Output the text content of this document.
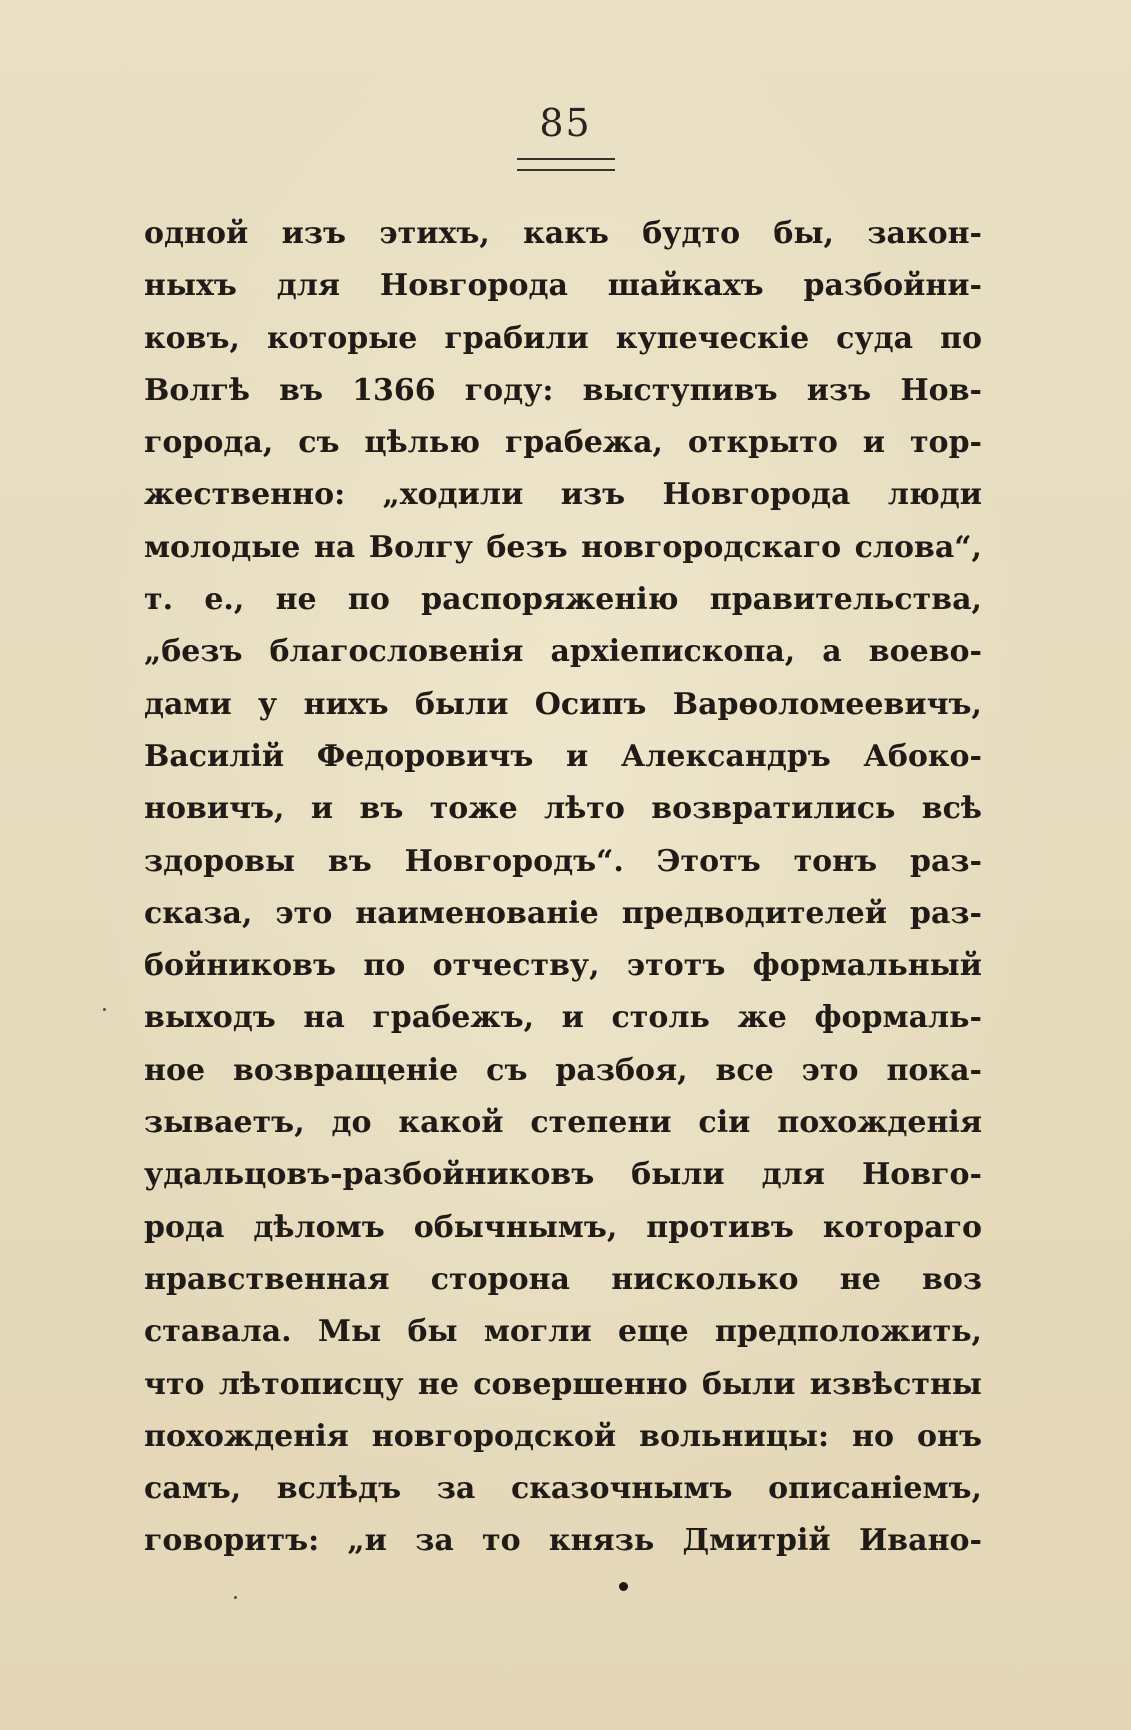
85
одной изъ этихъ, какъ будто бы, закон-
ныхъ для Новгорода шайкахъ разбойни-
ковъ, которые грабили купеческiе суда по
Волгѣ въ 1366 году: выступивъ изъ Нов-
города, съ цѣлью грабежа, открыто и тор-
жественно: „ходили изъ Новгорода люди
молодые на Волгу безъ новгородскаго слова“,
т. е., не по распоряженiю правительства,
„безъ благословенiя архiепископа, а воево-
дами у нихъ были Осипъ Варѳоломеевичъ,
Василiй Федоровичъ и Александръ Абоко-
новичъ, и въ тоже лѣто возвратились всѣ
здоровы въ Новгородъ“. Этотъ тонъ раз-
сказа, это наименованiе предводителей раз-
бойниковъ по отчеству, этотъ формальный
выходъ на грабежъ, и столь же формаль-
ное возвращенiе съ разбоя, все это пока-
зываетъ, до какой степени сiи похожденiя
удальцовъ-разбойниковъ были для Новго-
рода дѣломъ обычнымъ, противъ котораго
нравственная сторона нисколько не воз
ставала. Мы бы могли еще предположить,
что лѣтописцу не совершенно были извѣстны
похожденiя новгородской вольницы: но онъ
самъ, вслѣдъ за сказочнымъ описанiемъ,
говоритъ: „и за то князь Дмитрiй Ивано-
